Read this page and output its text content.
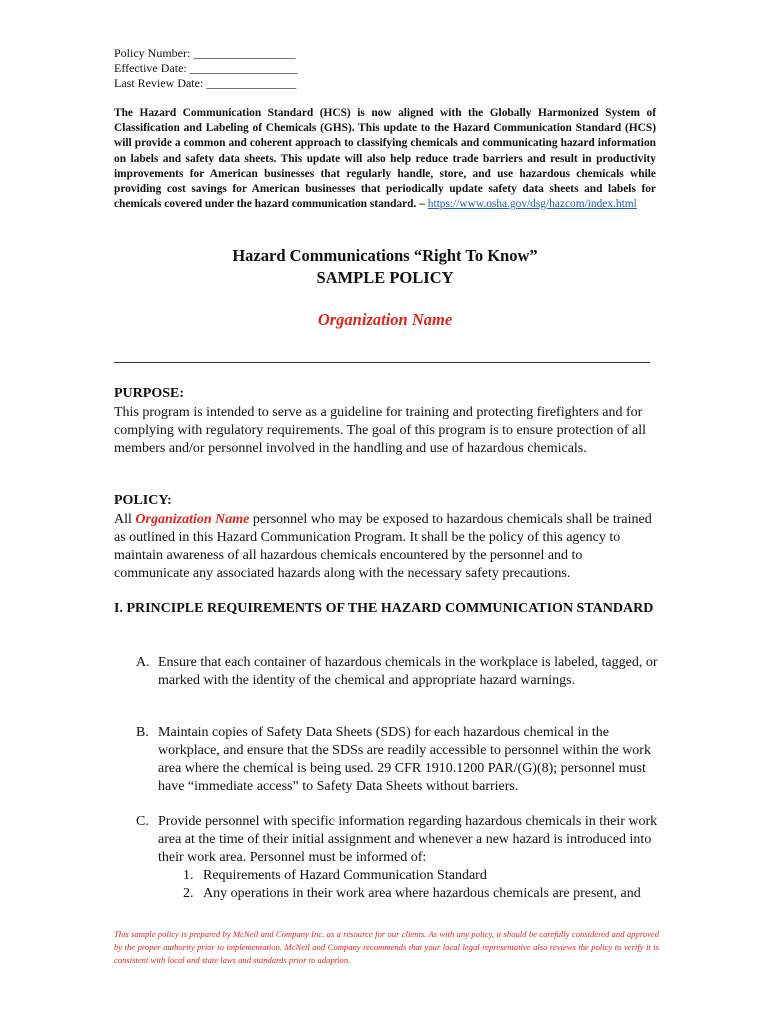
Policy Number: _________________
Effective Date: __________________
Last Review Date: _______________
The Hazard Communication Standard (HCS) is now aligned with the Globally Harmonized System of Classification and Labeling of Chemicals (GHS). This update to the Hazard Communication Standard (HCS) will provide a common and coherent approach to classifying chemicals and communicating hazard information on labels and safety data sheets. This update will also help reduce trade barriers and result in productivity improvements for American businesses that regularly handle, store, and use hazardous chemicals while providing cost savings for American businesses that periodically update safety data sheets and labels for chemicals covered under the hazard communication standard. – https://www.osha.gov/dsg/hazcom/index.html
Hazard Communications “Right To Know”
SAMPLE POLICY
Organization Name
PURPOSE:
This program is intended to serve as a guideline for training and protecting firefighters and for complying with regulatory requirements. The goal of this program is to ensure protection of all members and/or personnel involved in the handling and use of hazardous chemicals.
POLICY:
All Organization Name personnel who may be exposed to hazardous chemicals shall be trained as outlined in this Hazard Communication Program. It shall be the policy of this agency to maintain awareness of all hazardous chemicals encountered by the personnel and to communicate any associated hazards along with the necessary safety precautions.
I. PRINCIPLE REQUIREMENTS OF THE HAZARD COMMUNICATION STANDARD
A. Ensure that each container of hazardous chemicals in the workplace is labeled, tagged, or marked with the identity of the chemical and appropriate hazard warnings.
B. Maintain copies of Safety Data Sheets (SDS) for each hazardous chemical in the workplace, and ensure that the SDSs are readily accessible to personnel within the work area where the chemical is being used. 29 CFR 1910.1200 PAR/(G)(8); personnel must have “immediate access” to Safety Data Sheets without barriers.
C. Provide personnel with specific information regarding hazardous chemicals in their work area at the time of their initial assignment and whenever a new hazard is introduced into their work area. Personnel must be informed of:
1. Requirements of Hazard Communication Standard
2. Any operations in their work area where hazardous chemicals are present, and
This sample policy is prepared by McNeil and Company Inc. as a resource for our clients. As with any policy, it should be carefully considered and approved by the proper authority prior to implementation. McNeil and Company recommends that your local legal representative also reviews the policy to verify it is consistent with local and state laws and standards prior to adoption.
